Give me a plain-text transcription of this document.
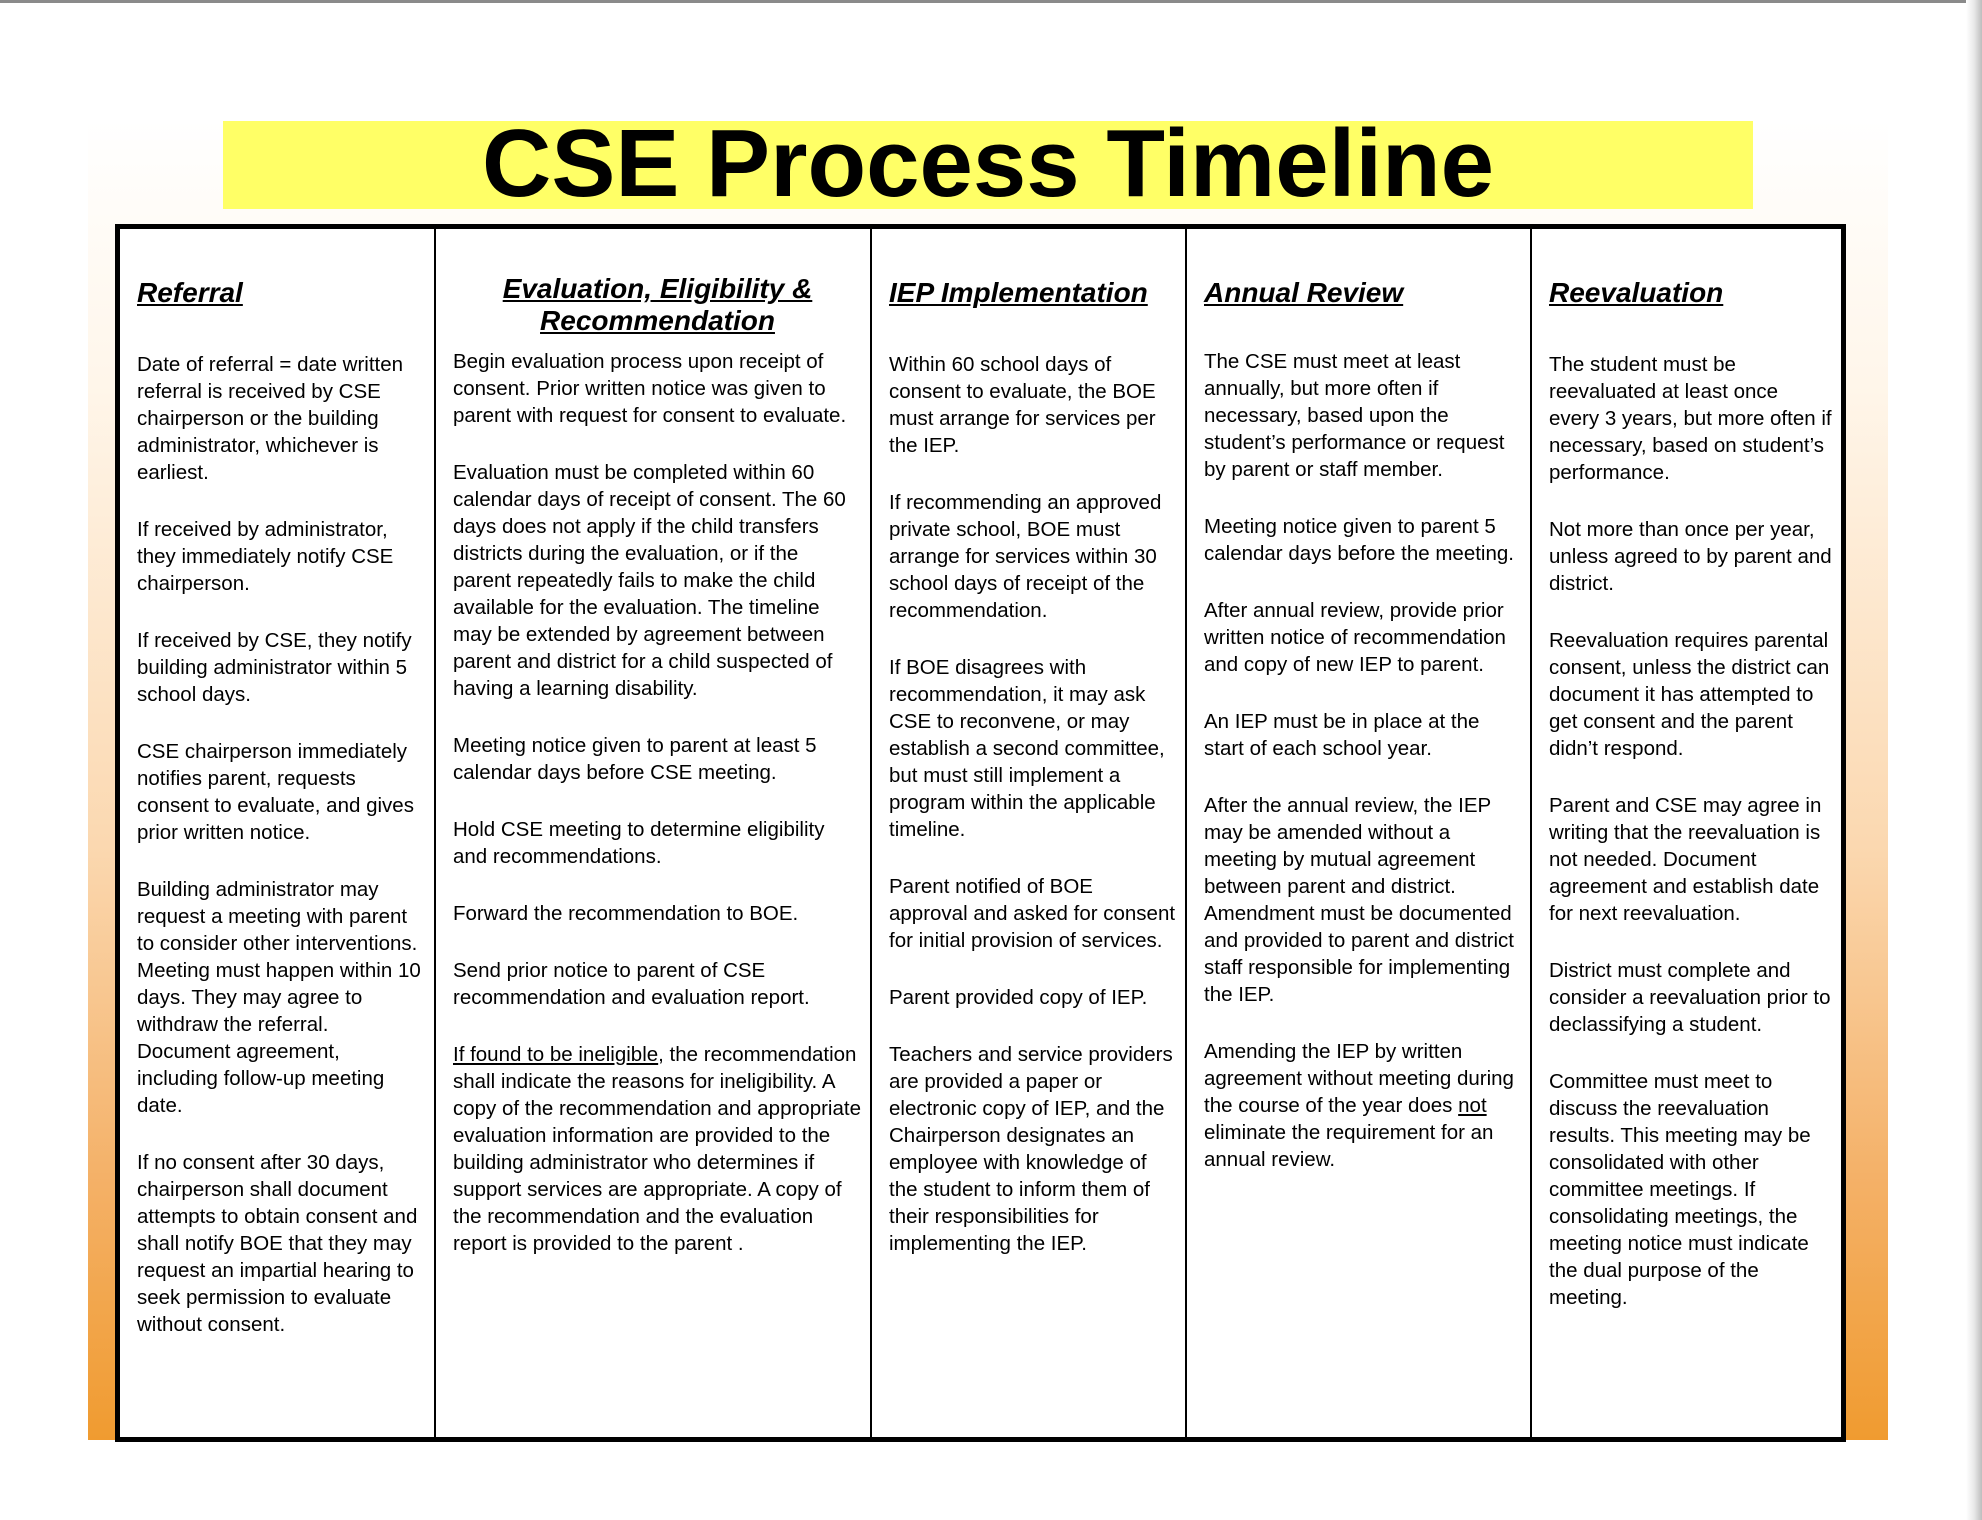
CSE Process Timeline
Referral

Date of referral = date written referral is received by CSE chairperson or the building administrator, whichever is earliest.

If received by administrator, they immediately notify CSE chairperson.

If received by CSE, they notify building administrator within 5 school days.

CSE chairperson immediately notifies parent, requests consent to evaluate, and gives prior written notice.

Building administrator may request a meeting with parent to consider other interventions. Meeting must happen within 10 days. They may agree to withdraw the referral. Document agreement, including follow-up meeting date.

If no consent after 30 days, chairperson shall document attempts to obtain consent and shall notify BOE that they may request an impartial hearing to seek permission to evaluate without consent.

Evaluation, Eligibility & Recommendation

Begin evaluation process upon receipt of consent. Prior written notice was given to parent with request for consent to evaluate.

Evaluation must be completed within 60 calendar days of receipt of consent. The 60 days does not apply if the child transfers districts during the evaluation, or if the parent repeatedly fails to make the child available for the evaluation. The timeline may be extended by agreement between parent and district for a child suspected of having a learning disability.

Meeting notice given to parent at least 5 calendar days before CSE meeting.

Hold CSE meeting to determine eligibility and recommendations.

Forward the recommendation to BOE.

Send prior notice to parent of CSE recommendation and evaluation report.

If found to be ineligible, the recommendation shall indicate the reasons for ineligibility. A copy of the recommendation and appropriate evaluation information are provided to the building administrator who determines if support services are appropriate. A copy of the recommendation and the evaluation report is provided to the parent .

IEP Implementation

Within 60 school days of consent to evaluate, the BOE must arrange for services per the IEP.

If recommending an approved private school, BOE must arrange for services within 30 school days of receipt of the recommendation.

If BOE disagrees with recommendation, it may ask CSE to reconvene, or may establish a second committee, but must still implement a program within the applicable timeline.

Parent notified of BOE approval and asked for consent for initial provision of services.

Parent provided copy of IEP.

Teachers and service providers are provided a paper or electronic copy of IEP, and the Chairperson designates an employee with knowledge of the student to inform them of their responsibilities for implementing the IEP.

Annual Review

The CSE must meet at least annually, but more often if necessary, based upon the student’s performance or request by parent or staff member.

Meeting notice given to parent 5 calendar days before the meeting.

After annual review, provide prior written notice of recommendation and copy of new IEP to parent.

An IEP must be in place at the start of each school year.

After the annual review, the IEP may be amended without a meeting by mutual agreement between parent and district. Amendment must be documented and provided to parent and district staff responsible for implementing the IEP.

Amending the IEP by written agreement without meeting during the course of the year does not eliminate the requirement for an annual review.

Reevaluation

The student must be reevaluated at least once every 3 years, but more often if necessary, based on student’s performance.

Not more than once per year, unless agreed to by parent and district.

Reevaluation requires parental consent, unless the district can document it has attempted to get consent and the parent didn’t respond.

Parent and CSE may agree in writing that the reevaluation is not needed. Document agreement and establish date for next reevaluation.

District must complete and consider a reevaluation prior to declassifying a student.

Committee must meet to discuss the reevaluation results. This meeting may be consolidated with other committee meetings. If consolidating meetings, the meeting notice must indicate the dual purpose of the meeting.
